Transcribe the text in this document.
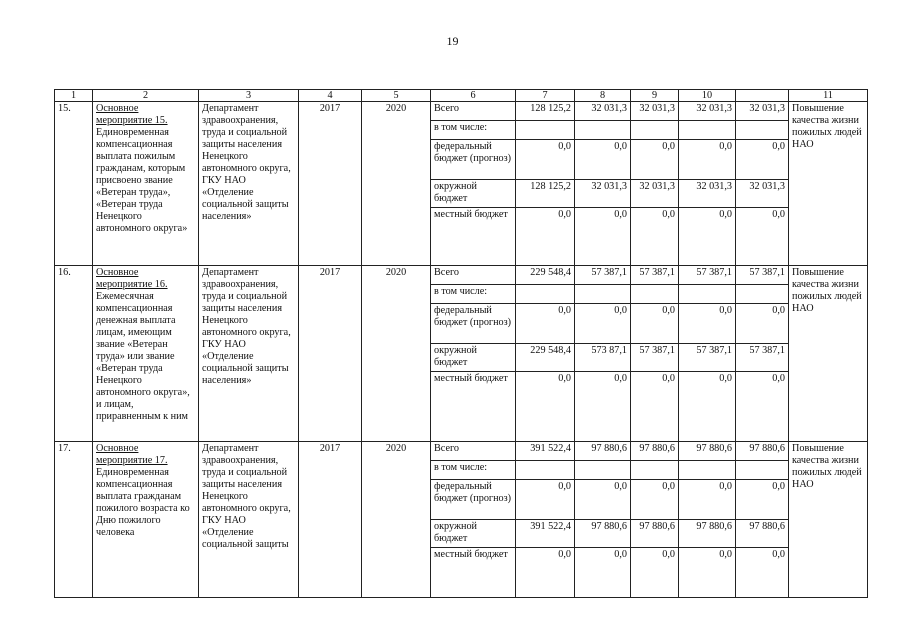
19
1	2	3	4	5	6	7	8	9	10		11
15.	Основное мероприятие 15.
Единовременная компенсационная выплата пожилым гражданам, которым присвоено звание «Ветеран труда», «Ветеран труда Ненецкого автономного округа»	Департамент здравоохранения, труда и социальной защиты населения Ненецкого автономного округа, ГКУ НАО «Отделение социальной защиты населения»	2017	2020	Всего	128 125,2	32 031,3	32 031,3	32 031,3	32 031,3	Повышение качества жизни пожилых людей НАО
					в том числе:						
					федеральный бюджет (прогноз)	0,0	0,0	0,0	0,0	0,0	
					окружной бюджет	128 125,2	32 031,3	32 031,3	32 031,3	32 031,3	
					местный бюджет	0,0	0,0	0,0	0,0	0,0	
16.	Основное мероприятие 16.
Ежемесячная компенсационная денежная выплата лицам, имеющим звание «Ветеран труда» или звание «Ветеран труда Ненецкого автономного округа», и лицам, приравненным к ним	Департамент здравоохранения, труда и социальной защиты населения Ненецкого автономного округа, ГКУ НАО «Отделение социальной защиты населения»	2017	2020	Всего	229 548,4	57 387,1	57 387,1	57 387,1	57 387,1	Повышение качества жизни пожилых людей НАО
					в том числе:						
					федеральный бюджет (прогноз)	0,0	0,0	0,0	0,0	0,0	
					окружной бюджет	229 548,4	573 87,1	57 387,1	57 387,1	57 387,1	
					местный бюджет	0,0	0,0	0,0	0,0	0,0	
17.	Основное мероприятие 17.
Единовременная компенсационная выплата гражданам пожилого возраста ко Дню пожилого человека	Департамент здравоохранения, труда и социальной защиты населения Ненецкого автономного округа, ГКУ НАО «Отделение социальной защиты	2017	2020	Всего	391 522,4	97 880,6	97 880,6	97 880,6	97 880,6	Повышение качества жизни пожилых людей НАО
					в том числе:						
					федеральный бюджет (прогноз)	0,0	0,0	0,0	0,0	0,0	
					окружной бюджет	391 522,4	97 880,6	97 880,6	97 880,6	97 880,6	
					местный бюджет	0,0	0,0	0,0	0,0	0,0	
